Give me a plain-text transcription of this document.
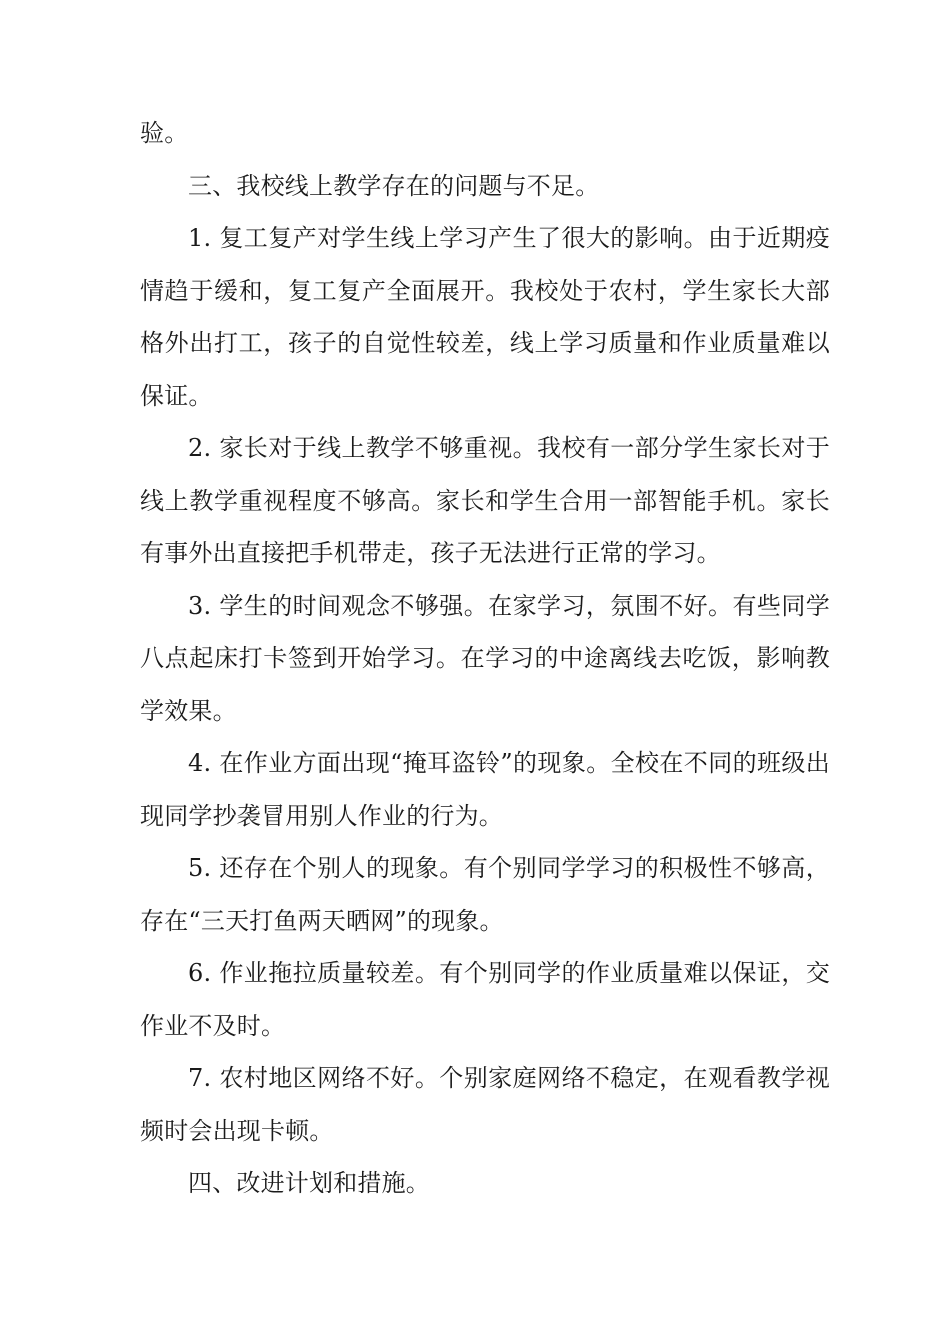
验。

三、我校线上教学存在的问题与不足。

1. 复工复产对学生线上学习产生了很大的影响。由于近期疫情趋于缓和，复工复产全面展开。我校处于农村，学生家长大部格外出打工，孩子的自觉性较差，线上学习质量和作业质量难以保证。

2. 家长对于线上教学不够重视。我校有一部分学生家长对于线上教学重视程度不够高。家长和学生合用一部智能手机。家长有事外出直接把手机带走，孩子无法进行正常的学习。

3. 学生的时间观念不够强。在家学习，氛围不好。有些同学八点起床打卡签到开始学习。在学习的中途离线去吃饭，影响教学效果。

4. 在作业方面出现“掩耳盗铃”的现象。全校在不同的班级出现同学抄袭冒用别人作业的行为。

5. 还存在个别人的现象。有个别同学学习的积极性不够高，存在“三天打鱼两天晒网”的现象。

6. 作业拖拉质量较差。有个别同学的作业质量难以保证，交作业不及时。

7. 农村地区网络不好。个别家庭网络不稳定，在观看教学视频时会出现卡顿。

四、改进计划和措施。
